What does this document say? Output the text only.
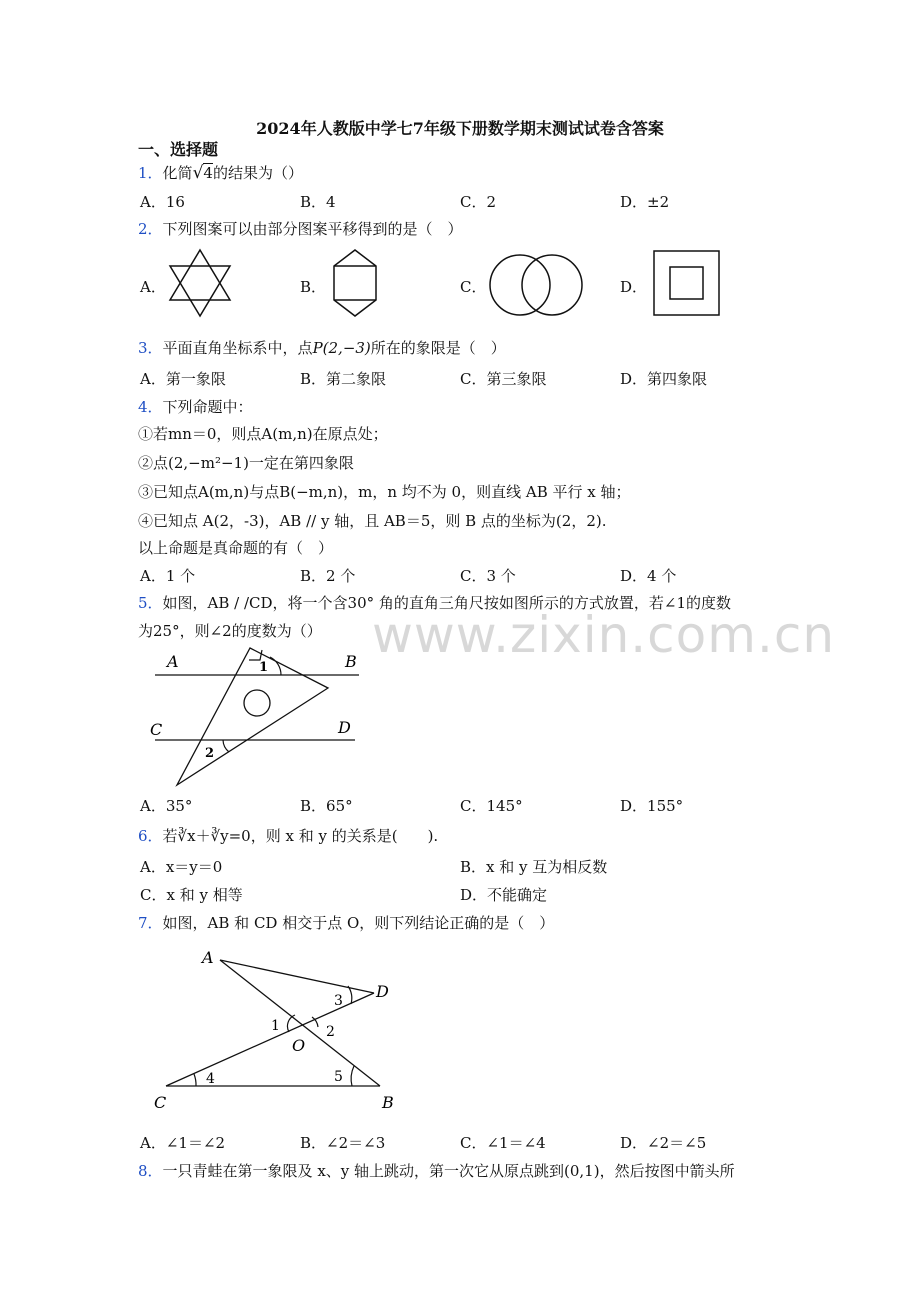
www.zixin.com.cn
2024年人教版中学七7年级下册数学期末测试试卷含答案
一、选择题
1．化简√4的结果为（）
A．16	B．4	C．2	D．±2
2．下列图案可以由部分图案平移得到的是（　）
A．	B．	C．	D．
3．平面直角坐标系中，点P(2,−3)所在的象限是（　）
A．第一象限	B．第二象限	C．第三象限	D．第四象限
4．下列命题中：
①若mn＝0，则点A(m,n)在原点处；
②点(2,−m²−1)一定在第四象限
③已知点A(m,n)与点B(−m,n)，m，n 均不为 0，则直线 AB 平行 x 轴；
④已知点 A(2，-3)，AB // y 轴，且 AB＝5，则 B 点的坐标为(2，2).
以上命题是真命题的有（　）
A．1 个	B．2 个	C．3 个	D．4 个
5．如图，AB / /CD，将一个含30° 角的直角三角尺按如图所示的方式放置，若∠1的度数
为25°，则∠2的度数为（）
A	B
C	D
1
2
A．35°	B．65°	C．145°	D．155°
6．若∛x＋∛y=0，则 x 和 y 的关系是(　　).
A．x＝y＝0	B．x 和 y 互为相反数
C．x 和 y 相等	D．不能确定
7．如图，AB 和 CD 相交于点 O，则下列结论正确的是（　）
A
D
C	B
O
1	2
3
4	5
A．∠1＝∠2	B．∠2＝∠3	C．∠1＝∠4	D．∠2＝∠5
8．一只青蛙在第一象限及 x、y 轴上跳动，第一次它从原点跳到(0,1)，然后按图中箭头所
